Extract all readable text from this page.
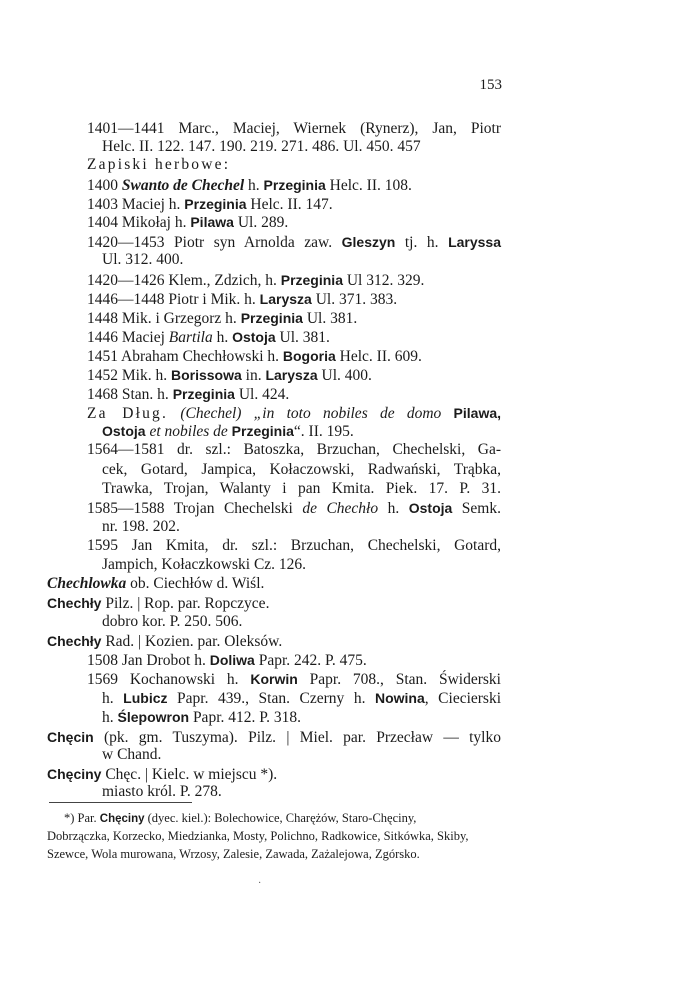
153
1401—1441 Marc., Maciej, Wiernek (Rynerz), Jan, Piotr
Helc. II. 122. 147. 190. 219. 271. 486. Ul. 450. 457
Zapiski herbowe:
1400 Swanto de Chechel h. Przeginia Helc. II. 108.
1403 Maciej h. Przeginia Helc. II. 147.
1404 Mikołaj h. Pilawa Ul. 289.
1420—1453 Piotr syn Arnolda zaw. Gleszyn tj. h. Laryssa
Ul. 312. 400.
1420—1426 Klem., Zdzich, h. Przeginia Ul 312. 329.
1446—1448 Piotr i Mik. h. Larysza Ul. 371. 383.
1448 Mik. i Grzegorz h. Przeginia Ul. 381.
1446 Maciej Bartila h. Ostoja Ul. 381.
1451 Abraham Chechłowski h. Bogoria Helc. II. 609.
1452 Mik. h. Borissowa in. Larysza Ul. 400.
1468 Stan. h. Przeginia Ul. 424.
Za Dług. (Chechel) „in toto nobiles de domo Pilawa,
Ostoja et nobiles de Przeginia“. II. 195.
1564—1581 dr. szl.: Batoszka, Brzuchan, Chechelski, Ga-
cek, Gotard, Jampica, Kołaczowski, Radwański, Trąbka,
Trawka, Trojan, Walanty i pan Kmita. Piek. 17. P. 31.
1585—1588 Trojan Chechelski de Chechło h. Ostoja Semk.
nr. 198. 202.
1595 Jan Kmita, dr. szl.: Brzuchan, Chechelski, Gotard,
Jampich, Kołaczkowski Cz. 126.
Chechlowka ob. Ciechłów d. Wiśl.
Chechły Pilz. | Rop. par. Ropczyce.
dobro kor. P. 250. 506.
Chechły Rad. | Kozien. par. Oleksów.
1508 Jan Drobot h. Doliwa Papr. 242. P. 475.
1569 Kochanowski h. Korwin Papr. 708., Stan. Świderski
h. Lubicz Papr. 439., Stan. Czerny h. Nowina, Ciecierski
h. Ślepowron Papr. 412. P. 318.
Chęcin (pk. gm. Tuszyma). Pilz. | Miel. par. Przecław — tylko
w Chand.
Chęciny Chęc. | Kielc. w miejscu *).
miasto król. P. 278.
*) Par. Chęciny (dyec. kiel.): Bolechowice, Charężów, Staro-Chęciny,
Dobrzączka, Korzecko, Miedzianka, Mosty, Polichno, Radkowice, Sitkówka, Skiby,
Szewce, Wola murowana, Wrzosy, Zalesie, Zawada, Zażalejowa, Zgórsko.
·
